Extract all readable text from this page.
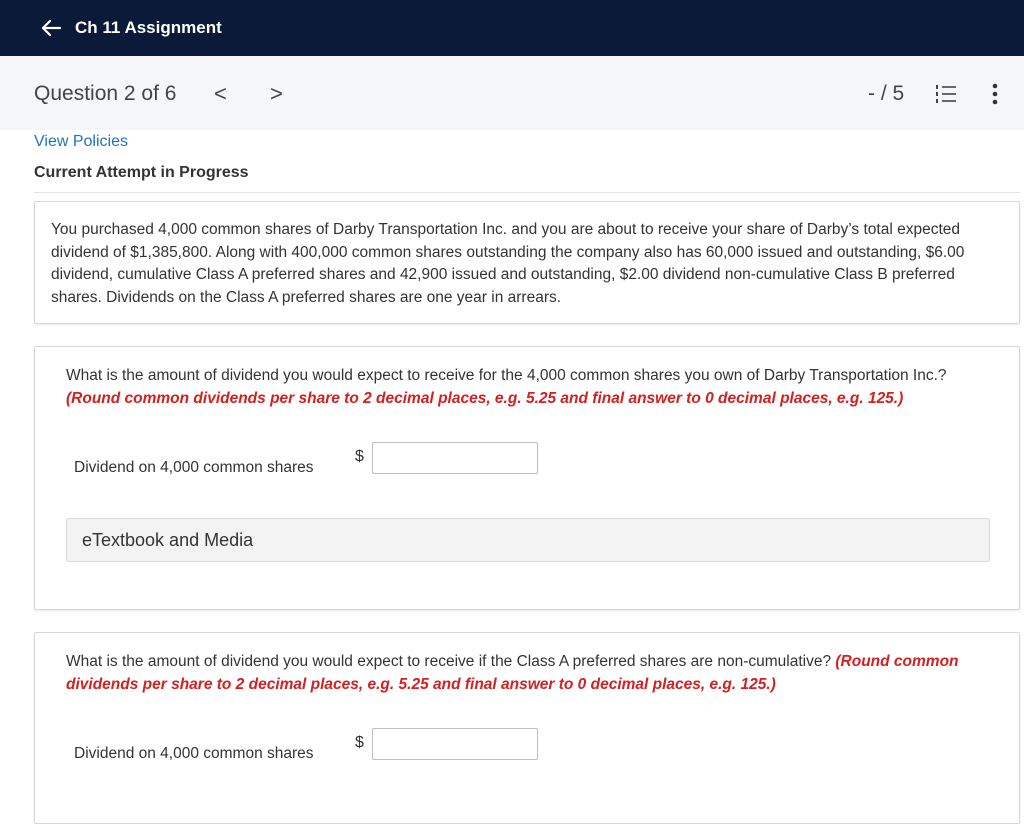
Ch 11 Assignment
Question 2 of 6 < >	- / 5
View Policies
Current Attempt in Progress
You purchased 4,000 common shares of Darby Transportation Inc. and you are about to receive your share of Darby’s total expected dividend of $1,385,800. Along with 400,000 common shares outstanding the company also has 60,000 issued and outstanding, $6.00 dividend, cumulative Class A preferred shares and 42,900 issued and outstanding, $2.00 dividend non-cumulative Class B preferred shares. Dividends on the Class A preferred shares are one year in arrears.
What is the amount of dividend you would expect to receive for the 4,000 common shares you own of Darby Transportation Inc.?
(Round common dividends per share to 2 decimal places, e.g. 5.25 and final answer to 0 decimal places, e.g. 125.)
Dividend on 4,000 common shares
$
eTextbook and Media
What is the amount of dividend you would expect to receive if the Class A preferred shares are non-cumulative? (Round common dividends per share to 2 decimal places, e.g. 5.25 and final answer to 0 decimal places, e.g. 125.)
Dividend on 4,000 common shares
$
